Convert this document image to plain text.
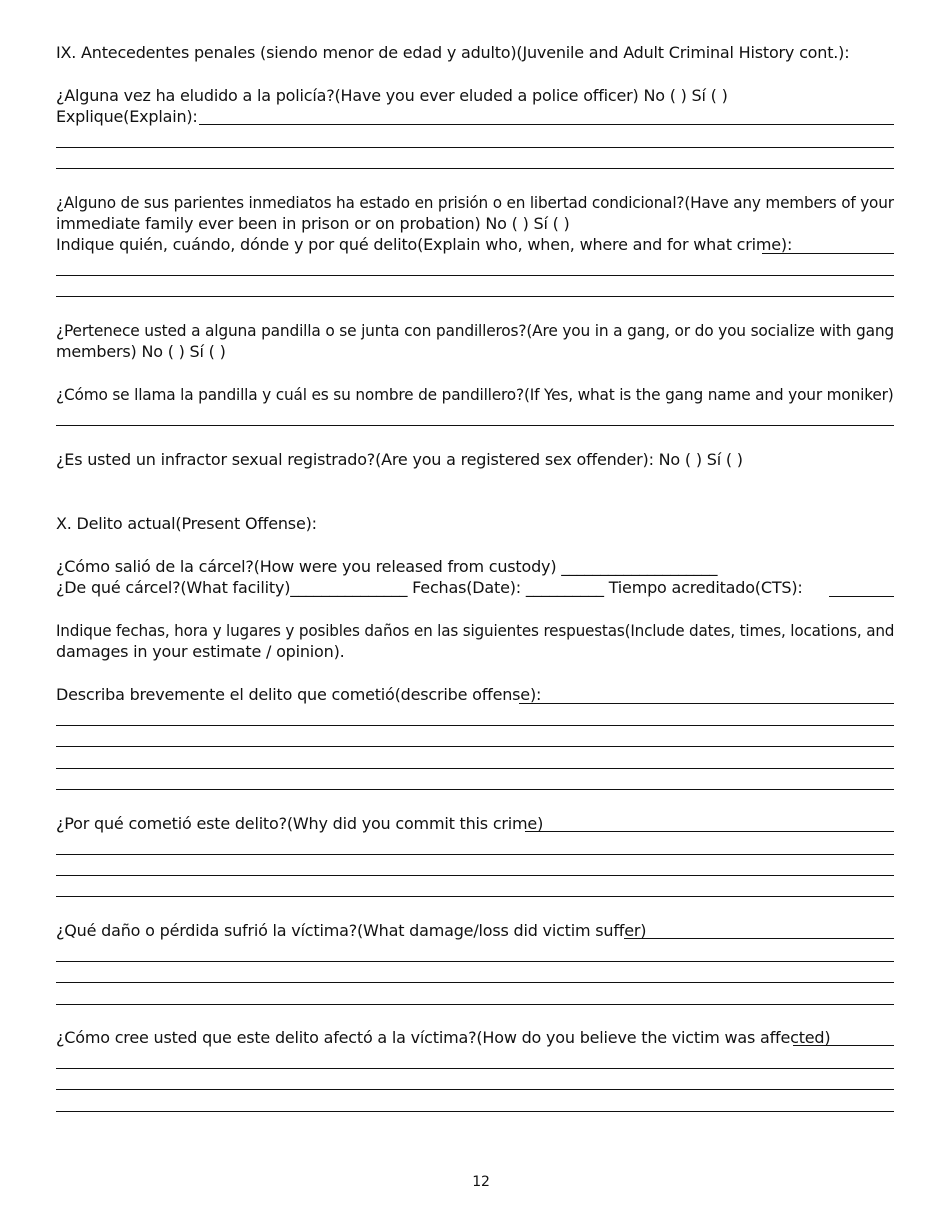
IX. Antecedentes penales (siendo menor de edad y adulto)(Juvenile and Adult Criminal History cont.):

¿Alguna vez ha eludido a la policía?(Have you ever eluded a police officer) No ( ) Sí ( )

Explique(Explain):

¿Alguno de sus parientes inmediatos ha estado en prisión o en libertad condicional?(Have any members of your

immediate family ever been in prison or on probation) No ( ) Sí ( )

Indique quién, cuándo, dónde y por qué delito(Explain who, when, where and for what crime):

¿Pertenece usted a alguna pandilla o se junta con pandilleros?(Are you in a gang, or do you socialize with gang

members) No ( ) Sí ( )

¿Cómo se llama la pandilla y cuál es su nombre de pandillero?(If Yes, what is the gang name and your moniker)

¿Es usted un infractor sexual registrado?(Are you a registered sex offender): No ( ) Sí ( )

X. Delito actual(Present Offense):

¿Cómo salió de la cárcel?(How were you released from custody) ____________________

¿De qué cárcel?(What facility)_______________ Fechas(Date): __________ Tiempo acreditado(CTS):

Indique fechas, hora y lugares y posibles daños en las siguientes respuestas(Include dates, times, locations, and

damages in your estimate / opinion).

Describa brevemente el delito que cometió(describe offense):

¿Por qué cometió este delito?(Why did you commit this crime)

¿Qué daño o pérdida sufrió la víctima?(What damage/loss did victim suffer)

¿Cómo cree usted que este delito afectó a la víctima?(How do you believe the victim was affected)

12
